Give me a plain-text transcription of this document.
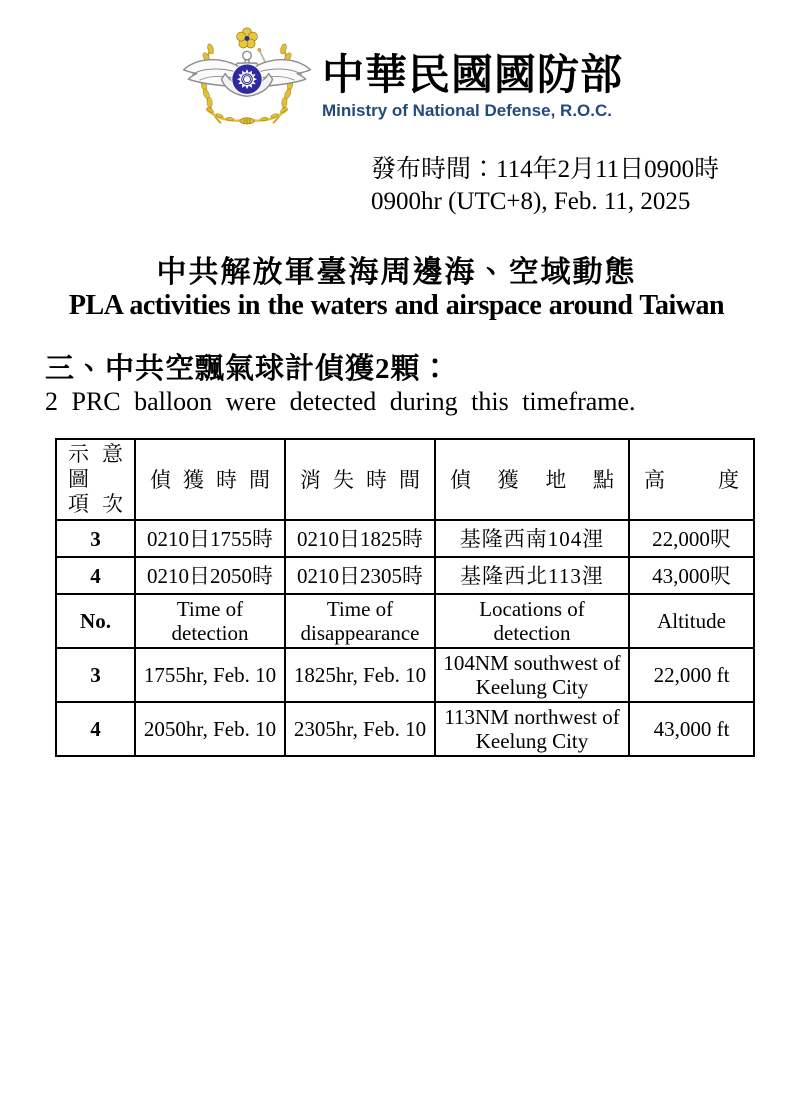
中華民國國防部
Ministry of National Defense, R.O.C.
發布時間：114年2月11日0900時
0900hr (UTC+8), Feb. 11, 2025
中共解放軍臺海周邊海、空域動態
PLA activities in the waters and airspace around Taiwan
三、中共空飄氣球計偵獲2顆：
2 PRC balloon were detected during this timeframe.
示意圖
項次	偵獲時間	消失時間	偵獲地點	高度

3	0210日1755時	0210日1825時	基隆西南104浬	22,000呎
4	0210日2050時	0210日2305時	基隆西北113浬	43,000呎
No.	Time of detection	Time of disappearance	Locations of detection	Altitude
3	1755hr, Feb. 10	1825hr, Feb. 10	104NM southwest of Keelung City	22,000 ft
4	2050hr, Feb. 10	2305hr, Feb. 10	113NM northwest of Keelung City	43,000 ft
